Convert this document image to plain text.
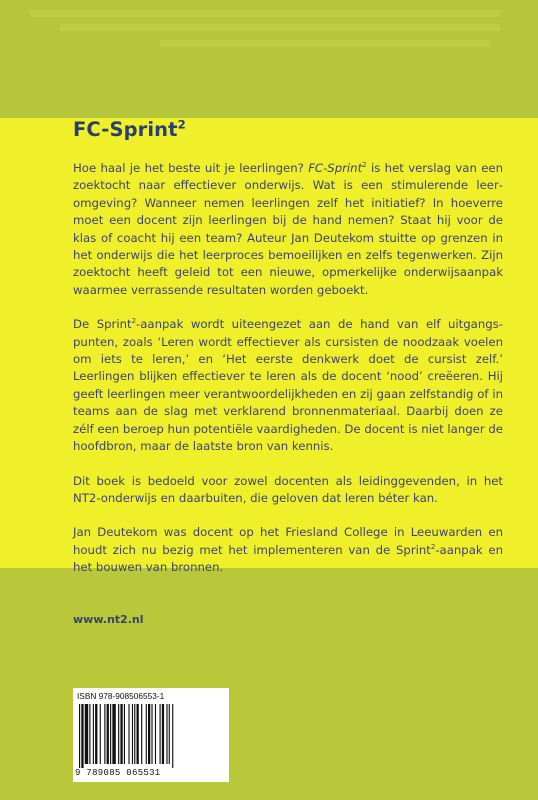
FC-Sprint$^2$

Hoe haal je het beste uit je leerlingen? FC-Sprint$^2$ is het verslag van een zoektocht naar effectiever onderwijs. Wat is een stimulerende leeromgeving? Wanneer nemen leerlingen zelf het initiatief? In hoeverre moet een docent zijn leerlingen bij de hand nemen? Staat hij voor de klas of coacht hij een team? Auteur Jan Deutekom stuitte op grenzen in het onderwijs die het leerproces bemoeilijken en zelfs tegenwerken. Zijn zoektocht heeft geleid tot een nieuwe, opmerkelijke onderwijsaanpak waarmee verrassende resultaten worden geboekt.

De Sprint$^2$-aanpak wordt uiteengezet aan de hand van elf uitgangspunten, zoals ‘Leren wordt effectiever als cursisten de noodzaak voelen om iets te leren,’ en ‘Het eerste denkwerk doet de cursist zelf.’ Leerlingen blijken effectiever te leren als de docent ‘nood’ creëeren. Hij geeft leerlingen meer verantwoordelijkheden en zij gaan zelfstandig of in teams aan de slag met verklarend bronnenmateriaal. Daarbij doen ze zélf een beroep hun potentiële vaardigheden. De docent is niet langer de hoofdbron, maar de laatste bron van kennis.

Dit boek is bedoeld voor zowel docenten als leidinggevenden, in het NT2-onderwijs en daarbuiten, die geloven dat leren béter kan.

Jan Deutekom was docent op het Friesland College in Leeuwarden en houdt zich nu bezig met het implementeren van de Sprint$^2$-aanpak en het bouwen van bronnen.

www.nt2.nl
ISBN 978-908506553-1
9 789085 065531
